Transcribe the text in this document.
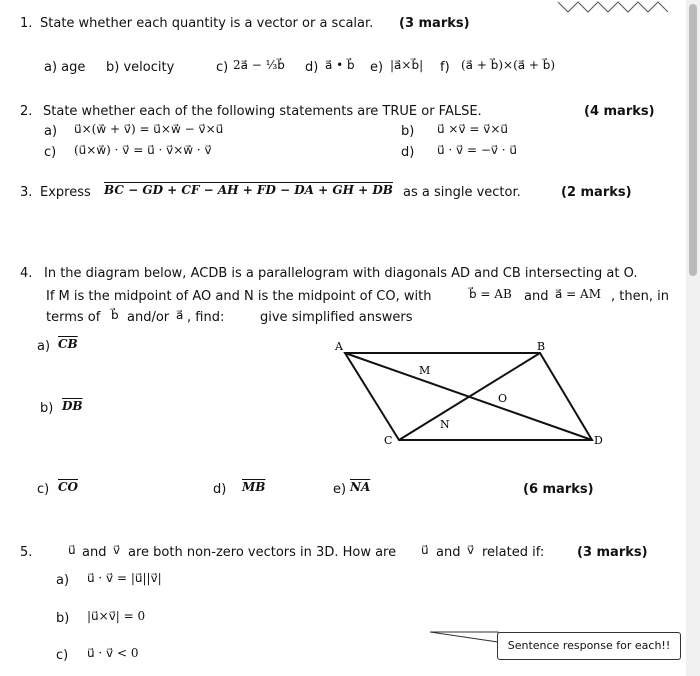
1. State whether each quantity is a vector or a scalar. (3 marks)
a) age b) velocity	c) 2a⃗ − ⅓b⃗ d) a⃗ • b⃗ e) |a⃗×b⃗| f) (a⃗ + b⃗)×(a⃗ + b⃗)
2. State whether each of the following statements are TRUE or FALSE.	(4 marks)
a) u⃗×(w⃗ + v⃗) = u⃗×w⃗ − v⃗×u⃗	b) u⃗ ×v⃗ = v⃗×u⃗
c) (u⃗×w⃗) · v⃗ = u⃗ · v⃗×w⃗ · v⃗	d) u⃗ · v⃗ = −v⃗ · u⃗
3. Express BC − GD + CF − AH + FD − DA + GH + DB as a single vector.	(2 marks)
4. In the diagram below, ACDB is a parallelogram with diagonals AD and CB intersecting at O.
If M is the midpoint of AO and N is the midpoint of CO, with	b⃗ = AB and a⃗ = AM , then, in
terms of b⃗ and/or a⃗ , find:	give simplified answers
a) $\overline{CB}$
b) $\overline{DB}$
c) $\overline{CO}$	d) $\overline{MB}$	e) $\overline{NA}$	(6 marks)
A	B
C	D
M
N
O
5.	u⃗ and v⃗ are both non-zero vectors in 3D. How are u⃗ and v⃗ related if:	(3 marks)
a) u⃗ · v⃗ = |u⃗||v⃗|
b) |u⃗×v⃗| = 0
c) u⃗ · v⃗ < 0
Sentence response for each!!
